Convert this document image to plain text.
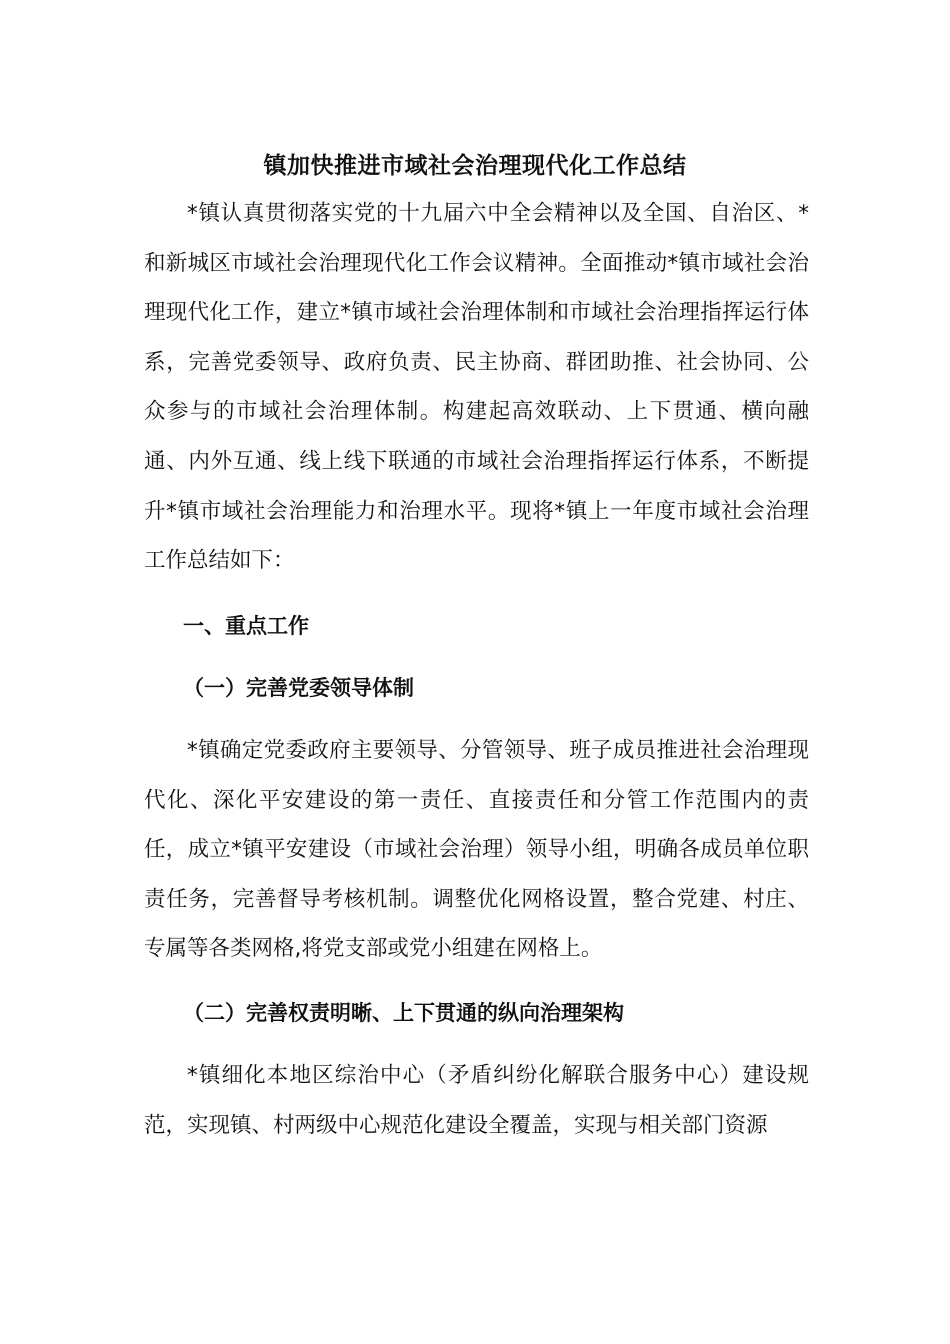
镇加快推进市域社会治理现代化工作总结

*镇认真贯彻落实党的十九届六中全会精神以及全国、自治区、*和新城区市域社会治理现代化工作会议精神。全面推动*镇市域社会治理现代化工作，建立*镇市域社会治理体制和市域社会治理指挥运行体系，完善党委领导、政府负责、民主协商、群团助推、社会协同、公众参与的市域社会治理体制。构建起高效联动、上下贯通、横向融通、内外互通、线上线下联通的市域社会治理指挥运行体系，不断提升*镇市域社会治理能力和治理水平。现将*镇上一年度市域社会治理工作总结如下：

一、重点工作
（一）完善党委领导体制

*镇确定党委政府主要领导、分管领导、班子成员推进社会治理现代化、深化平安建设的第一责任、直接责任和分管工作范围内的责任，成立*镇平安建设（市域社会治理）领导小组，明确各成员单位职责任务，完善督导考核机制。调整优化网格设置，整合党建、村庄、专属等各类网格,将党支部或党小组建在网格上。

（二）完善权责明晰、上下贯通的纵向治理架构

*镇细化本地区综治中心（矛盾纠纷化解联合服务中心）建设规范，实现镇、村两级中心规范化建设全覆盖，实现与相关部门资源
